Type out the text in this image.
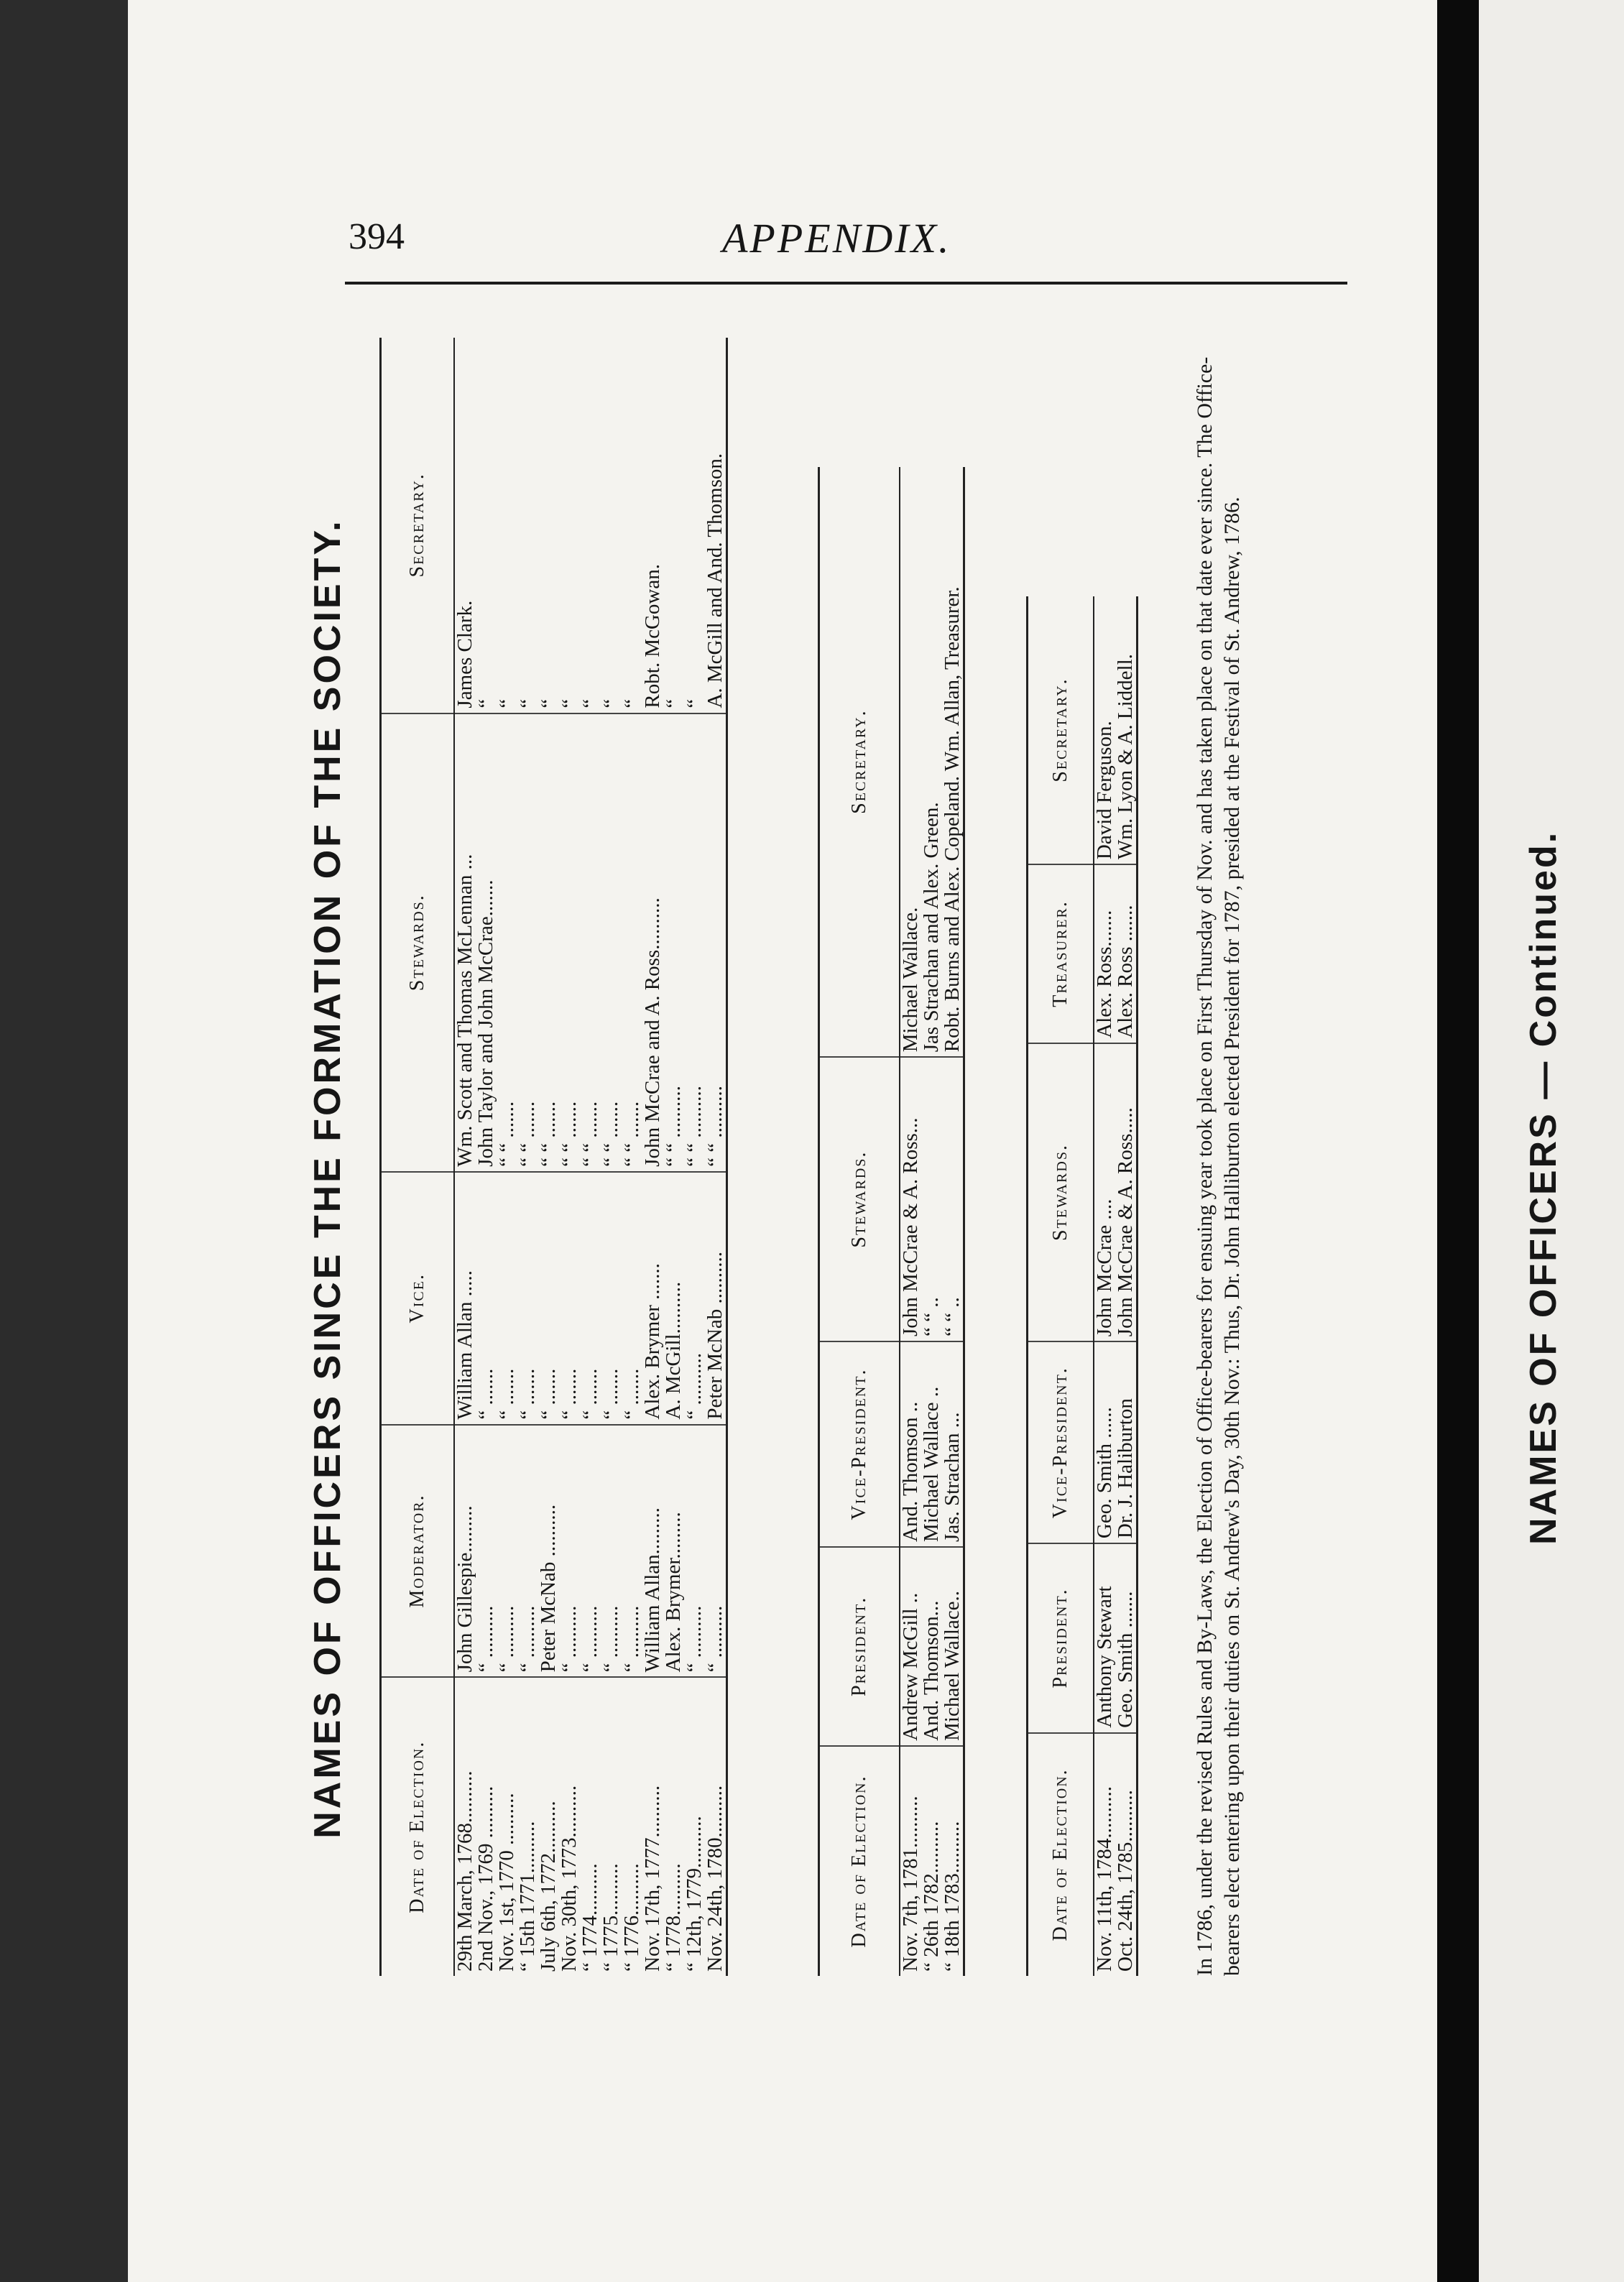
394	APPENDIX.
NAMES OF OFFICERS SINCE THE FORMATION OF THE SOCIETY.	Date of Election.	Moderator.	Vice.	Stewards.	Secretary.
29th March, 1768..........	John Gillespie.........	William Allan .....	Wm. Scott and Thomas McLennan ...	James Clark.
2nd Nov., 1769 ..........	“ ..........	“ .......	John Taylor and John McCrae.......	“
Nov. 1st, 1770 ..........	“ ..........	“ .......	“ “ .......	“
“ 15th 1771..........	“ ..........	“ .......	“ “ .......	“
July 6th, 1772..........	Peter McNab ..........	“ .......	“ “ .......	“
Nov. 30th, 1773..........	“ ..........	“ .......	“ “ .......	“
“ 1774..........	“ ..........	“ .......	“ “ .......	“
“ 1775..........	“ ..........	“ .......	“ “ .......	“
“ 1776..........	“ ..........	“ .......	“ “ .......	“
Nov. 17th, 1777..........	William Allan.........	Alex. Brymer .......	John McCrae and A. Ross..........	Robt. McGowan.
“ 1778..........	Alex. Brymer.........	A. McGill..........	“ “ ..........	“
“ 12th, 1779..........	“ ..........	“ ..........	“ “ ..........	“
Nov. 24th, 1780..........	“ ..........	Peter McNab ..........	“ “ ..........	A. McGill and And. Thomson.
Date of Election.	President.	Vice-President.	Stewards.	Secretary.
Nov. 7th, 1781..........	Andrew McGill ..	And. Thomson ..	John McCrae & A. Ross...	Michael Wallace.
“ 26th 1782..........	And. Thomson...	Michael Wallace ..	“ “ ..	Jas Strachan and Alex. Green.
“ 18th 1783..........	Michael Wallace..	Jas. Strachan ...	“ “ ..	Robt. Burns and Alex. Copeland. Wm. Allan, Treasurer.
Date of Election.	President.	Vice-President.	Stewards.	Treasurer.	Secretary.
Nov. 11th, 1784..........	Anthony Stewart	Geo. Smith ......	John McCrae ....	Alex. Ross.......	David Ferguson.
Oct. 24th, 1785..........	Geo. Smith .......	Dr. J. Haliburton	John McCrae & A. Ross.....	Alex. Ross .......	Wm. Lyon & A. Liddell.	In 1786, under the revised Rules and By-Laws, the Election of Office-bearers for ensuing year took place on First Thursday of Nov. and has taken place on that date ever since. The Office-bearers elect entering upon their duties on St. Andrew's Day, 30th Nov.: Thus, Dr. John Halliburton elected President for 1787, presided at the Festival of St. Andrew, 1786.	NAMES OF OFFICERS — Continued.
